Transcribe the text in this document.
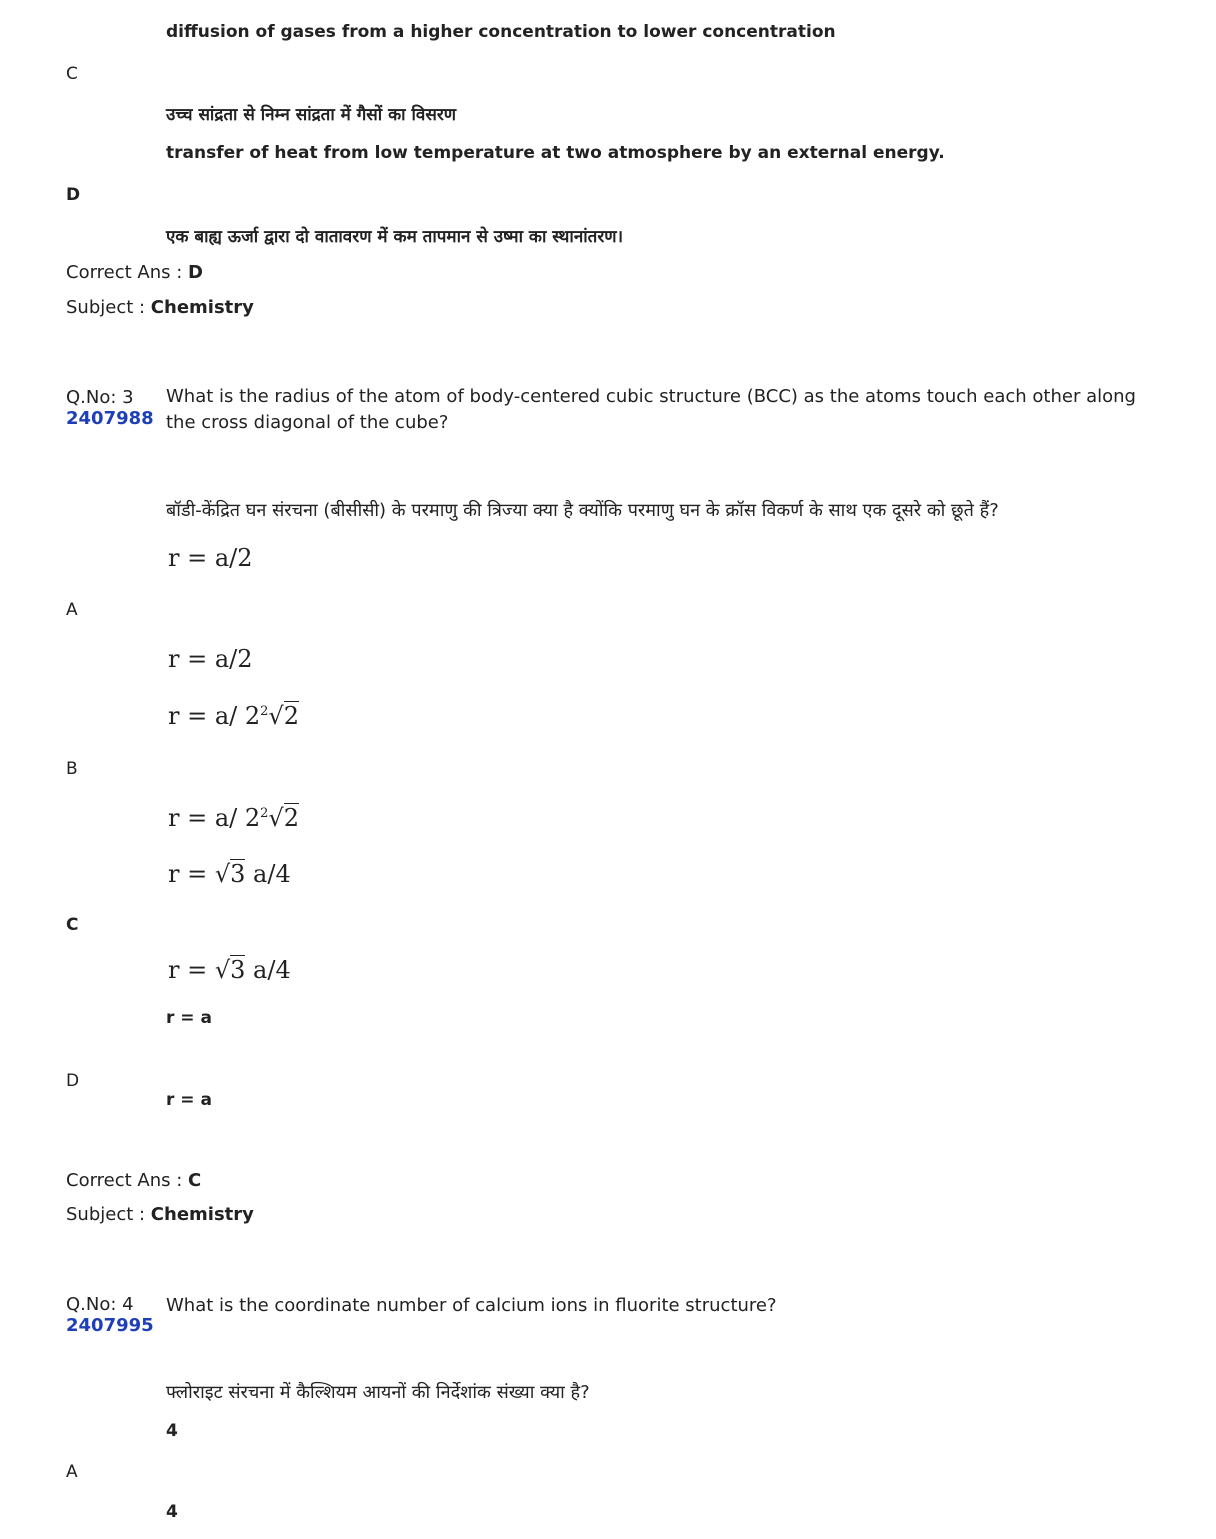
diffusion of gases from a higher concentration to lower concentration
C
उच्च सांद्रता से निम्न सांद्रता में गैसों का विसरण
transfer of heat from low temperature at two atmosphere by an external energy.
D
एक बाह्य ऊर्जा द्वारा दो वातावरण में कम तापमान से उष्मा का स्थानांतरण।
Correct Ans : D
Subject : Chemistry
Q.No: 3
2407988
What is the radius of the atom of body-centered cubic structure (BCC) as the atoms touch each other along the cross diagonal of the cube?
बॉडी-केंद्रित घन संरचना (बीसीसी) के परमाणु की त्रिज्या क्या है क्योंकि परमाणु घन के क्रॉस विकर्ण के साथ एक दूसरे को छूते हैं?
r = a/2
A
r = a/2
r = a/ $2^2√2$
B
r = a/ $2^2√2$
r = √3 a/4
C
r = √3 a/4
r = a
D
r = a
Correct Ans : C
Subject : Chemistry
Q.No: 4
2407995
What is the coordinate number of calcium ions in fluorite structure?
फ्लोराइट संरचना में कैल्शियम आयनों की निर्देशांक संख्या क्या है?
4
A
4
